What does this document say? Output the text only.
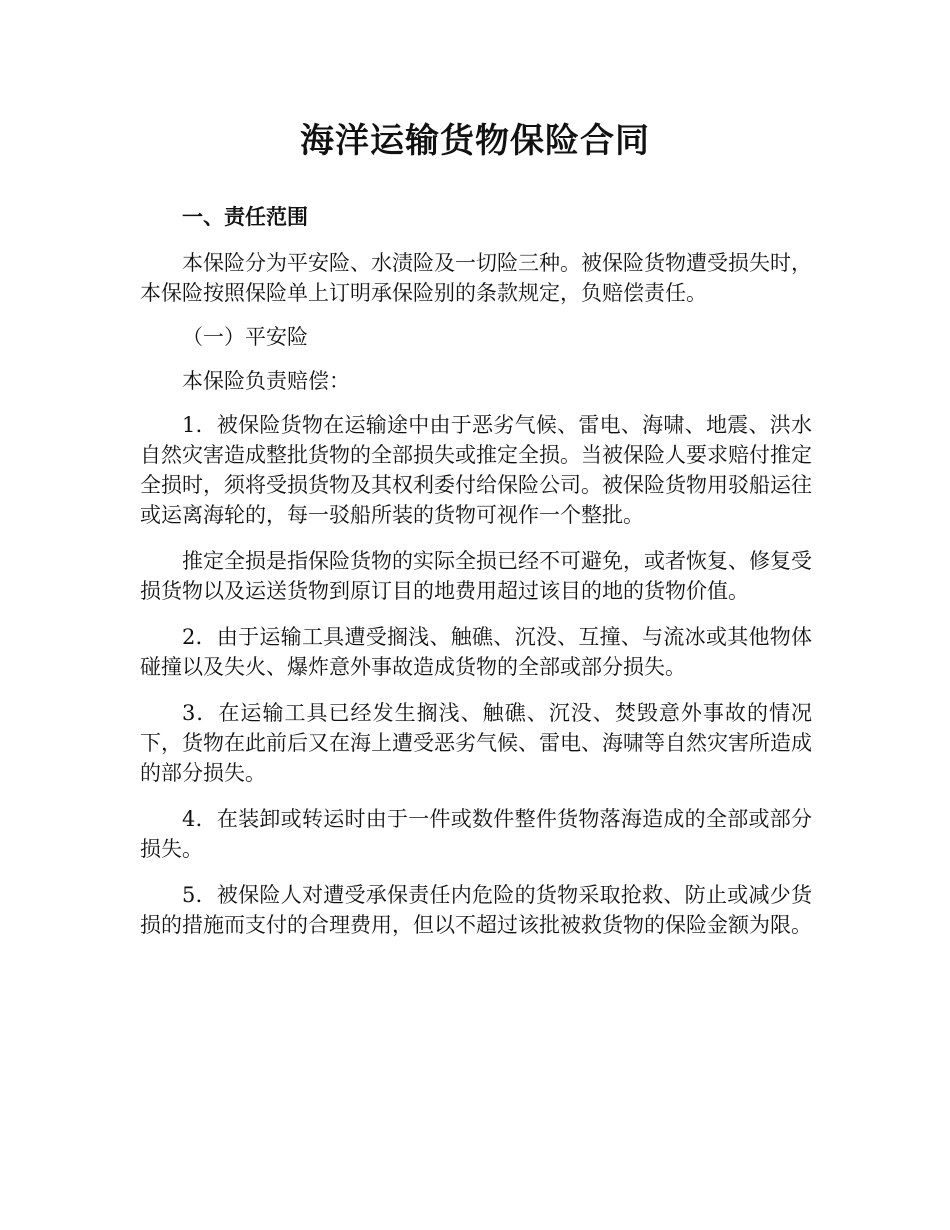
海洋运输货物保险合同

一、责任范围

本保险分为平安险、水渍险及一切险三种。被保险货物遭受损失时，本保险按照保险单上订明承保险别的条款规定，负赔偿责任。

（一）平安险

本保险负责赔偿：

1．被保险货物在运输途中由于恶劣气候、雷电、海啸、地震、洪水自然灾害造成整批货物的全部损失或推定全损。当被保险人要求赔付推定全损时，须将受损货物及其权利委付给保险公司。被保险货物用驳船运往或运离海轮的，每一驳船所装的货物可视作一个整批。

推定全损是指保险货物的实际全损已经不可避免，或者恢复、修复受损货物以及运送货物到原订目的地费用超过该目的地的货物价值。

2．由于运输工具遭受搁浅、触礁、沉没、互撞、与流冰或其他物体碰撞以及失火、爆炸意外事故造成货物的全部或部分损失。

3．在运输工具已经发生搁浅、触礁、沉没、焚毁意外事故的情况下，货物在此前后又在海上遭受恶劣气候、雷电、海啸等自然灾害所造成的部分损失。

4．在装卸或转运时由于一件或数件整件货物落海造成的全部或部分损失。

5．被保险人对遭受承保责任内危险的货物采取抢救、防止或减少货损的措施而支付的合理费用，但以不超过该批被救货物的保险金额为限。
